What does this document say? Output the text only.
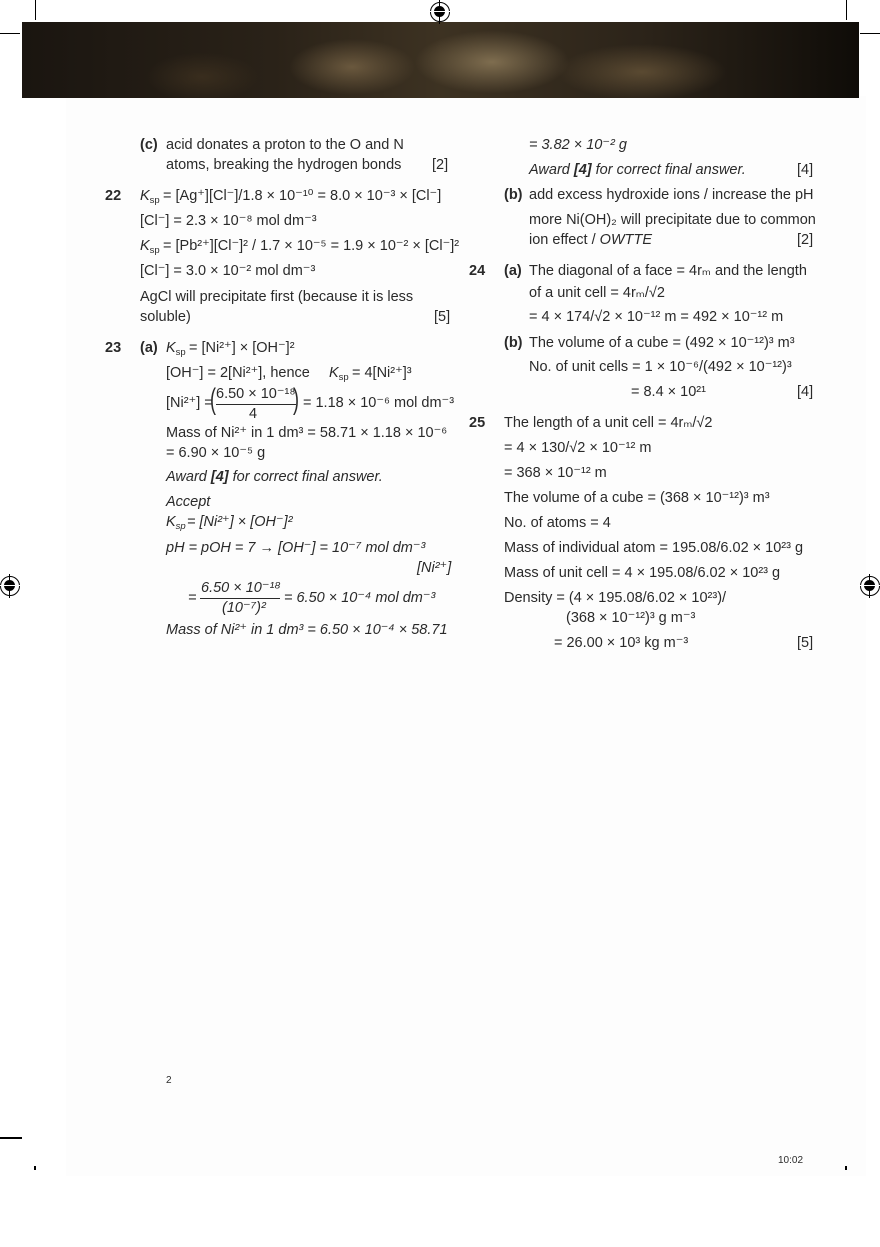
(c) acid donates a proton to the O and N
atoms, breaking the hydrogen bonds [2]
22 $K_{sp} = [Ag^+][Cl^-]/1.8 \times 10^{-10} = 8.0 \times 10^{-3} \times [Cl^-]$
[Cl⁻] = 2.3 × 10⁻⁸ mol dm⁻³
$K_{sp} = [Pb^{2+}][Cl^-]^2 / 1.7 \times 10^{-5} = 1.9 \times 10^{-2} \times [Cl^-]^2$
[Cl⁻] = 3.0 × 10⁻² mol dm⁻³
AgCl will precipitate first (because it is less
soluble)	[5]
23 (a) $K_{sp} = [Ni^{2+}] \times [OH^-]^2$
[OH⁻] = 2[Ni²⁺], hence $K_{sp} = 4[Ni^{2+}]^3$
[Ni²⁺] =
( 6.50 × 10⁻¹⁸
4 ) = 1.18 × 10⁻⁶ mol dm⁻³
Mass of Ni²⁺ in 1 dm³ = 58.71 × 1.18 × 10⁻⁶
= 6.90 × 10⁻⁵ g
Award [4] for correct final answer.
Accept
$K_{sp} = [Ni^{2+}] \times [OH^-]^2$
pH = pOH = 7 → [OH⁻] = 10⁻⁷ mol dm⁻³
[Ni²⁺]
=
6.50 × 10⁻¹⁸
(10⁻⁷)²
= 6.50 × 10⁻⁴ mol dm⁻³
Mass of Ni²⁺ in 1 dm³ = 6.50 × 10⁻⁴ × 58.71
= 3.82 × 10⁻² g
Award [4] for correct final answer.	[4]
(b) add excess hydroxide ions / increase the pH
more Ni(OH)₂ will precipitate due to common
ion effect / OWTTE	[2]
24 (a) The diagonal of a face = 4rₘ and the length
of a unit cell = 4rₘ/√2
= 4 × 174/√2 × 10⁻¹² m = 492 × 10⁻¹² m
(b) The volume of a cube = (492 × 10⁻¹²)³ m³
No. of unit cells = 1 × 10⁻⁶/(492 × 10⁻¹²)³
= 8.4 × 10²¹	[4]
25 The length of a unit cell = 4rₘ/√2
= 4 × 130/√2 × 10⁻¹² m
= 368 × 10⁻¹² m
The volume of a cube = (368 × 10⁻¹²)³ m³
No. of atoms = 4
Mass of individual atom = 195.08/6.02 × 10²³ g
Mass of unit cell = 4 × 195.08/6.02 × 10²³ g
Density = (4 × 195.08/6.02 × 10²³)/
(368 × 10⁻¹²)³ g m⁻³
= 26.00 × 10³ kg m⁻³	[5]
2
10:02
